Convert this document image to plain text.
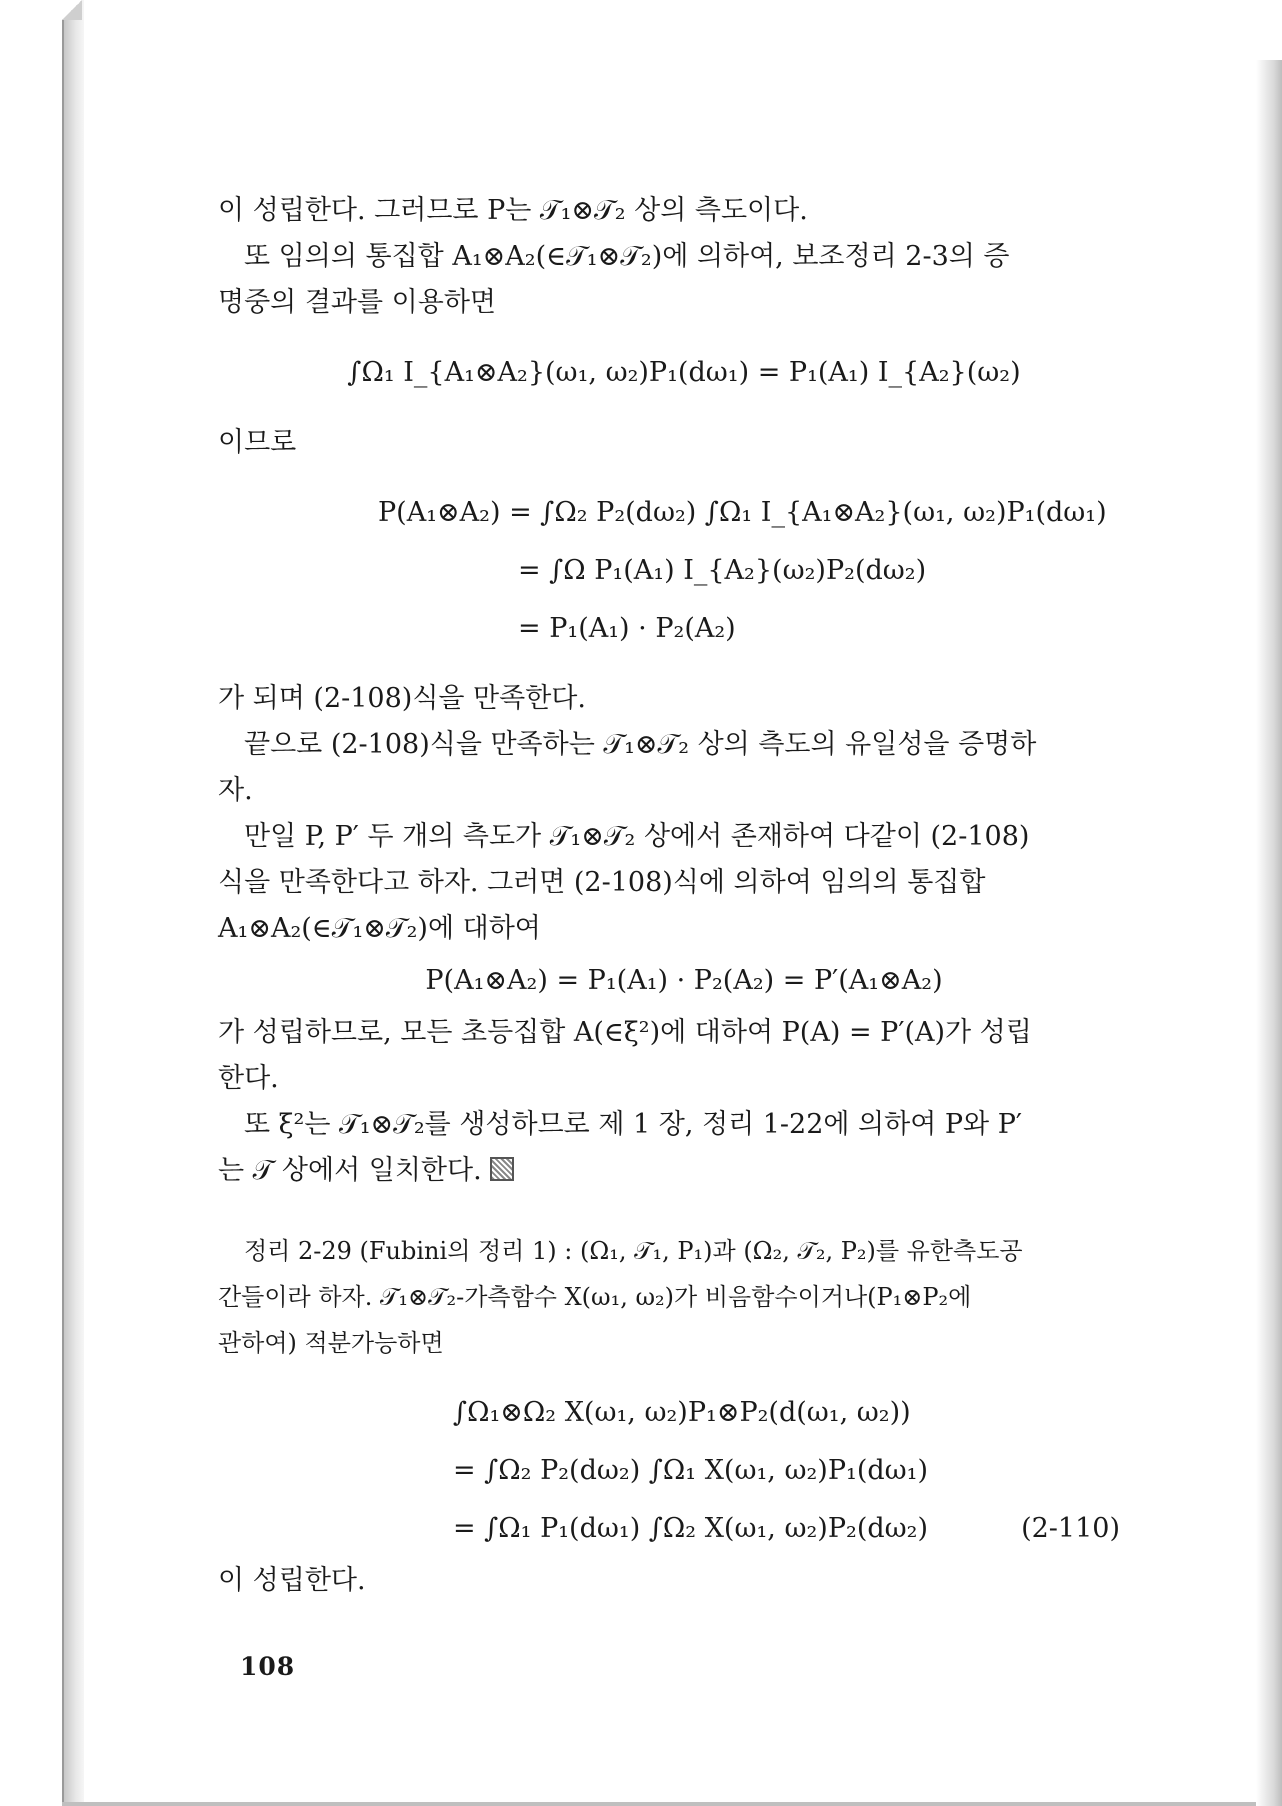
이 성립한다. 그러므로 P는 𝒯₁⊗𝒯₂ 상의 측도이다.
또 임의의 통집합 A₁⊗A₂(∈𝒯₁⊗𝒯₂)에 의하여, 보조정리 2-3의 증
명중의 결과를 이용하면
∫Ω₁ I_{A₁⊗A₂}(ω₁, ω₂)P₁(dω₁) = P₁(A₁) I_{A₂}(ω₂)
이므로
P(A₁⊗A₂) = ∫Ω₂ P₂(dω₂) ∫Ω₁ I_{A₁⊗A₂}(ω₁, ω₂)P₁(dω₁)
= ∫Ω P₁(A₁) I_{A₂}(ω₂)P₂(dω₂)
= P₁(A₁) · P₂(A₂)
가 되며 (2-108)식을 만족한다.
끝으로 (2-108)식을 만족하는 𝒯₁⊗𝒯₂ 상의 측도의 유일성을 증명하
자.
만일 P, P′ 두 개의 측도가 𝒯₁⊗𝒯₂ 상에서 존재하여 다같이 (2-108)
식을 만족한다고 하자. 그러면 (2-108)식에 의하여 임의의 통집합
A₁⊗A₂(∈𝒯₁⊗𝒯₂)에 대하여
P(A₁⊗A₂) = P₁(A₁) · P₂(A₂) = P′(A₁⊗A₂)
가 성립하므로, 모든 초등집합 A(∈ξ²)에 대하여 P(A) = P′(A)가 성립
한다.
또 ξ²는 𝒯₁⊗𝒯₂를 생성하므로 제 1 장, 정리 1-22에 의하여 P와 P′
는 𝒯 상에서 일치한다.
정리 2-29 (Fubini의 정리 1) : (Ω₁, 𝒯₁, P₁)과 (Ω₂, 𝒯₂, P₂)를 유한측도공
간들이라 하자. 𝒯₁⊗𝒯₂-가측함수 X(ω₁, ω₂)가 비음함수이거나(P₁⊗P₂에
관하여) 적분가능하면
∫Ω₁⊗Ω₂ X(ω₁, ω₂)P₁⊗P₂(d(ω₁, ω₂))
= ∫Ω₂ P₂(dω₂) ∫Ω₁ X(ω₁, ω₂)P₁(dω₁)
= ∫Ω₁ P₁(dω₁) ∫Ω₂ X(ω₁, ω₂)P₂(dω₂)	(2-110)
이 성립한다.
108
